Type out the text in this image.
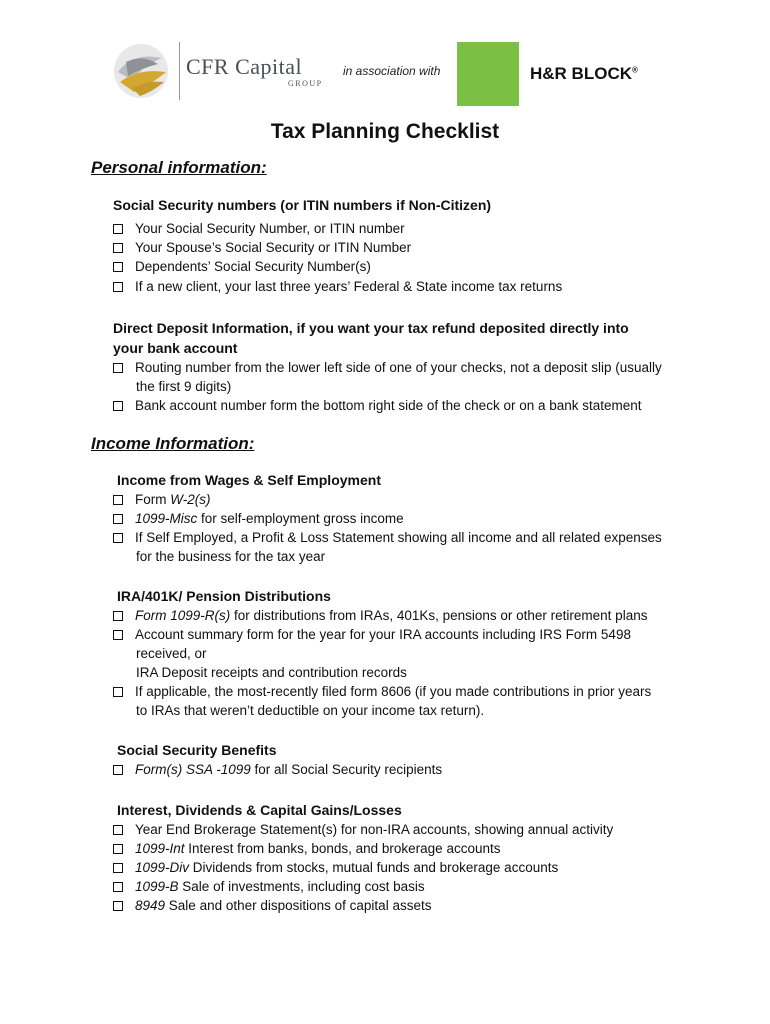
CFR Capital
GROUP
in association with	H&R BLOCK®
Tax Planning Checklist
Personal information:
Social Security numbers (or ITIN numbers if Non-Citizen)
Your Social Security Number, or ITIN number
Your Spouse’s Social Security or ITIN Number
Dependents’ Social Security Number(s)
If a new client, your last three years’ Federal & State income tax returns
Direct Deposit Information, if you want your tax refund deposited directly into
your bank account
Routing number from the lower left side of one of your checks, not a deposit slip (usually
the first 9 digits)
Bank account number form the bottom right side of the check or on a bank statement
Income Information:
Income from Wages & Self Employment
Form W-2(s)
1099-Misc for self-employment gross income
If Self Employed, a Profit & Loss Statement showing all income and all related expenses
for the business for the tax year
IRA/401K/ Pension Distributions
Form 1099-R(s) for distributions from IRAs, 401Ks, pensions or other retirement plans
Account summary form for the year for your IRA accounts including IRS Form 5498
received, or
IRA Deposit receipts and contribution records
If applicable, the most-recently filed form 8606 (if you made contributions in prior years
to IRAs that weren’t deductible on your income tax return).
Social Security Benefits
Form(s) SSA -1099 for all Social Security recipients
Interest, Dividends & Capital Gains/Losses
Year End Brokerage Statement(s) for non-IRA accounts, showing annual activity
1099-Int Interest from banks, bonds, and brokerage accounts
1099-Div Dividends from stocks, mutual funds and brokerage accounts
1099-B Sale of investments, including cost basis
8949 Sale and other dispositions of capital assets
